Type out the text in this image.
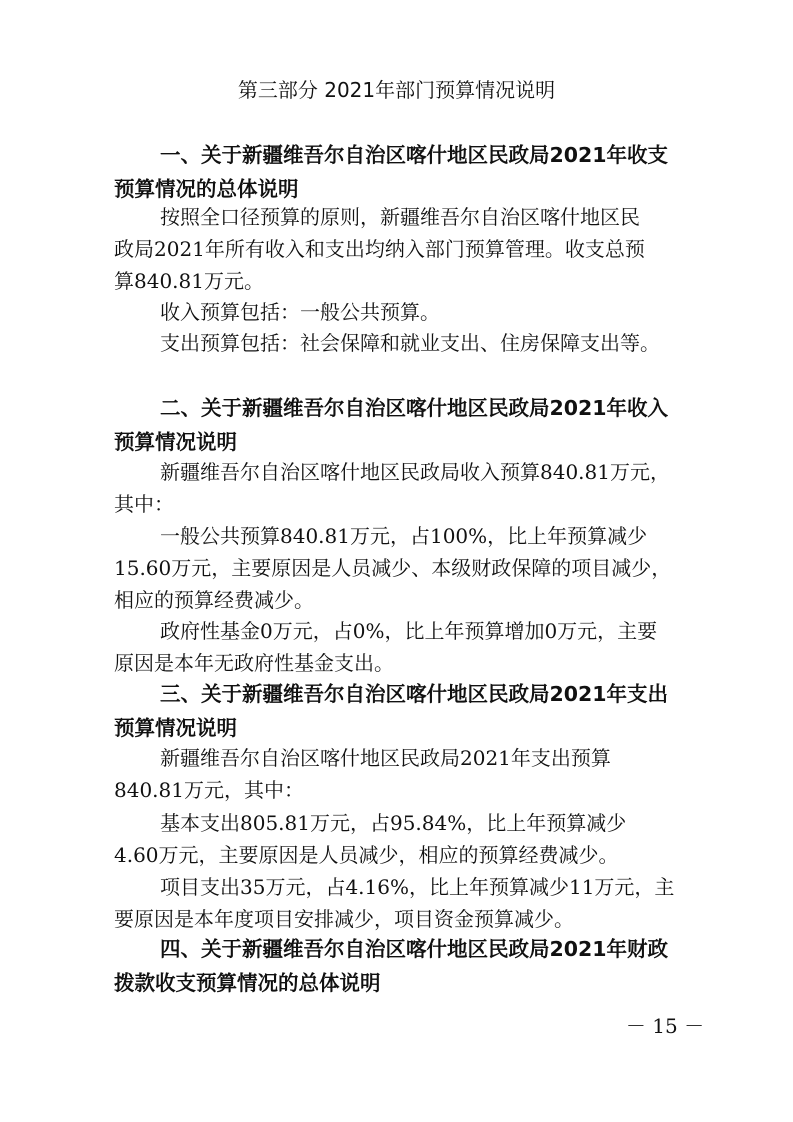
第三部分 2021年部门预算情况说明
一、关于新疆维吾尔自治区喀什地区民政局2021年收支
预算情况的总体说明
按照全口径预算的原则，新疆维吾尔自治区喀什地区民
政局2021年所有收入和支出均纳入部门预算管理。收支总预
算840.81万元。
收入预算包括：一般公共预算。
支出预算包括：社会保障和就业支出、住房保障支出等。
二、关于新疆维吾尔自治区喀什地区民政局2021年收入
预算情况说明
新疆维吾尔自治区喀什地区民政局收入预算840.81万元，
其中：
一般公共预算840.81万元，占100%，比上年预算减少
15.60万元，主要原因是人员减少、本级财政保障的项目减少，
相应的预算经费减少。
政府性基金0万元，占0%，比上年预算增加0万元，主要
原因是本年无政府性基金支出。
三、关于新疆维吾尔自治区喀什地区民政局2021年支出
预算情况说明
新疆维吾尔自治区喀什地区民政局2021年支出预算
840.81万元，其中：
基本支出805.81万元，占95.84%，比上年预算减少
4.60万元，主要原因是人员减少，相应的预算经费减少。
项目支出35万元，占4.16%，比上年预算减少11万元，主
要原因是本年度项目安排减少，项目资金预算减少。
四、关于新疆维吾尔自治区喀什地区民政局2021年财政
拨款收支预算情况的总体说明
－ 15 －
